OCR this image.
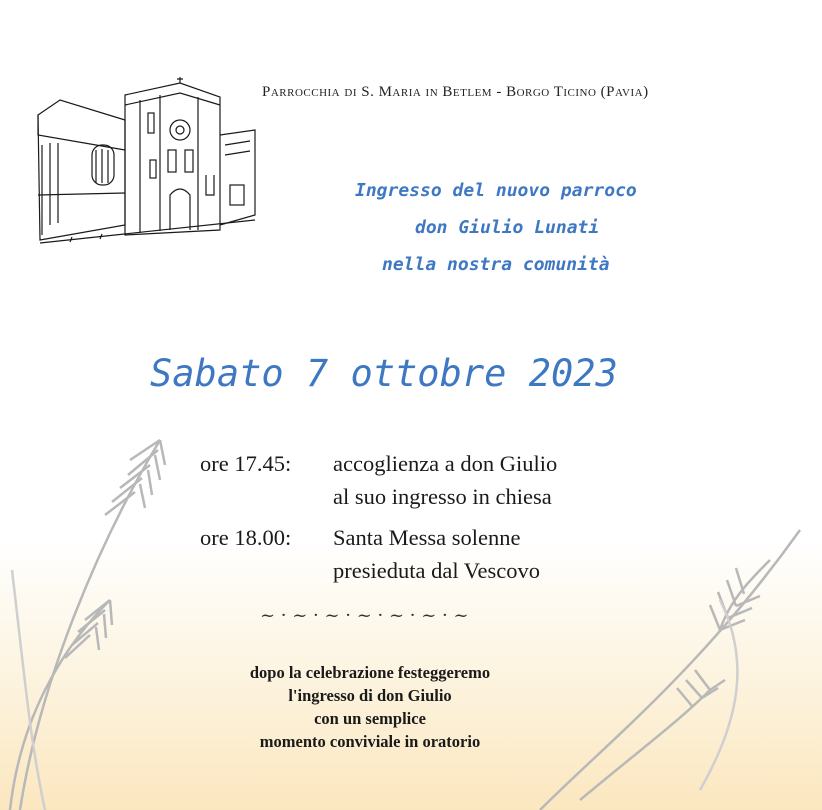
Parrocchia di S. Maria in Betlem - Borgo Ticino (Pavia)
Ingresso del nuovo parroco
don Giulio Lunati
nella nostra comunità
Sabato 7 ottobre 2023
ore 17.45:	accoglienza a don Giulio
al suo ingresso in chiesa
ore 18.00:	Santa Messa solenne
presieduta dal Vescovo
~ · ~ · ~ · ~ · ~ · ~ · ~
dopo la celebrazione festeggeremo
l'ingresso di don Giulio
con un semplice
momento conviviale in oratorio
